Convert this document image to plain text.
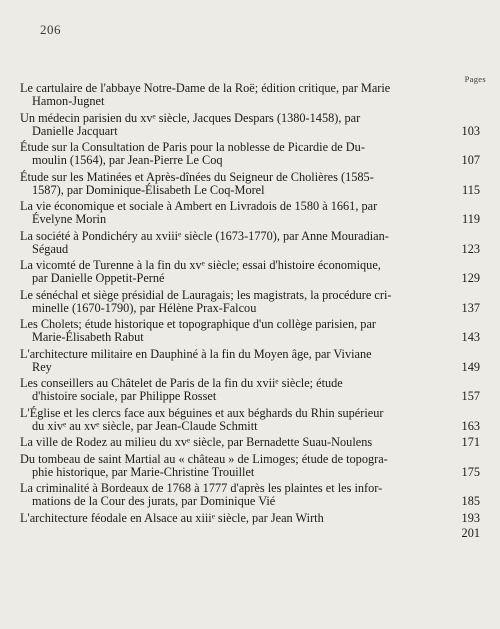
206
Pages
Le cartulaire de l'abbaye Notre-Dame de la Roë; édition critique, par Marie
Hamon-Jugnet
Un médecin parisien du xvᵉ siècle, Jacques Despars (1380-1458), par
Danielle Jacquart	103
Étude sur la Consultation de Paris pour la noblesse de Picardie de Du-
moulin (1564), par Jean-Pierre Le Coq	107
Étude sur les Matinées et Après-dînées du Seigneur de Cholières (1585-
1587), par Dominique-Élisabeth Le Coq-Morel	115
La vie économique et sociale à Ambert en Livradois de 1580 à 1661, par
Évelyne Morin	119
La société à Pondichéry au xviiiᵉ siècle (1673-1770), par Anne Mouradian-
Ségaud	123
La vicomté de Turenne à la fin du xvᵉ siècle; essai d'histoire économique,
par Danielle Oppetit-Perné	129
Le sénéchal et siège présidial de Lauragais; les magistrats, la procédure cri-
minelle (1670-1790), par Hélène Prax-Falcou	137
Les Cholets; étude historique et topographique d'un collège parisien, par
Marie-Élisabeth Rabut	143
L'architecture militaire en Dauphiné à la fin du Moyen âge, par Viviane
Rey	149
Les conseillers au Châtelet de Paris de la fin du xviiᵉ siècle; étude
d'histoire sociale, par Philippe Rosset	157
L'Église et les clercs face aux béguines et aux béghards du Rhin supérieur
du xivᵉ au xvᵉ siècle, par Jean-Claude Schmitt	163
La ville de Rodez au milieu du xvᵉ siècle, par Bernadette Suau-Noulens	171
Du tombeau de saint Martial au « château » de Limoges; étude de topogra-
phie historique, par Marie-Christine Trouillet	175
La criminalité à Bordeaux de 1768 à 1777 d'après les plaintes et les infor-
mations de la Cour des jurats, par Dominique Vié	185
L'architecture féodale en Alsace au xiiiᵉ siècle, par Jean Wirth	193
201
